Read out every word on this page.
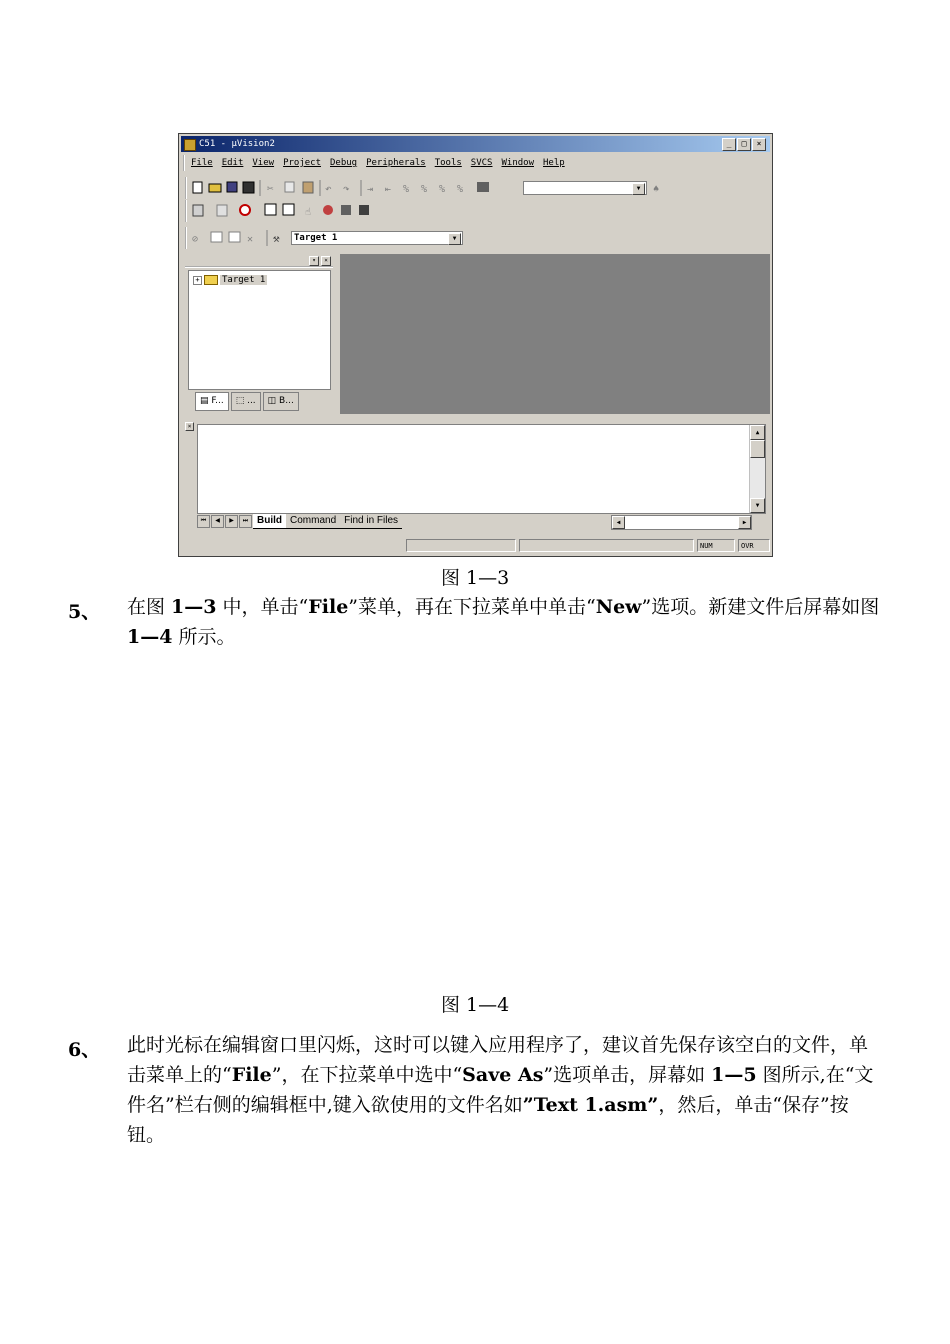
C51 - μVision2	_	□	×
File Edit View Project Debug Peripherals Tools SVCS Window Help
✂	↶ ↷ ⇥ ⇤ % % % %	♠
▼
☝
⊘	✕ ⚒ Target 1	▼
▾	×
+ Target 1
▤ F...	⬚ ...	◫ B...
×
▲
▼
⏮	◀	▶	⏭ Build Command Find in Files	◀	▶
NUM	OVR
图 1—3
5、 在图 1—3 中，单击“File”菜单，再在下拉菜单中单击“New”选项。新建文件后屏幕如图 1—4 所示。
图 1—4
6、 此时光标在编辑窗口里闪烁，这时可以键入应用程序了，建议首先保存该空白的文件，单击菜单上的“File”，在下拉菜单中选中“Save As”选项单击，屏幕如 1—5 图所示,在“文件名”栏右侧的编辑框中,键入欲使用的文件名如”Text 1.asm”，然后，单击“保存”按钮。
